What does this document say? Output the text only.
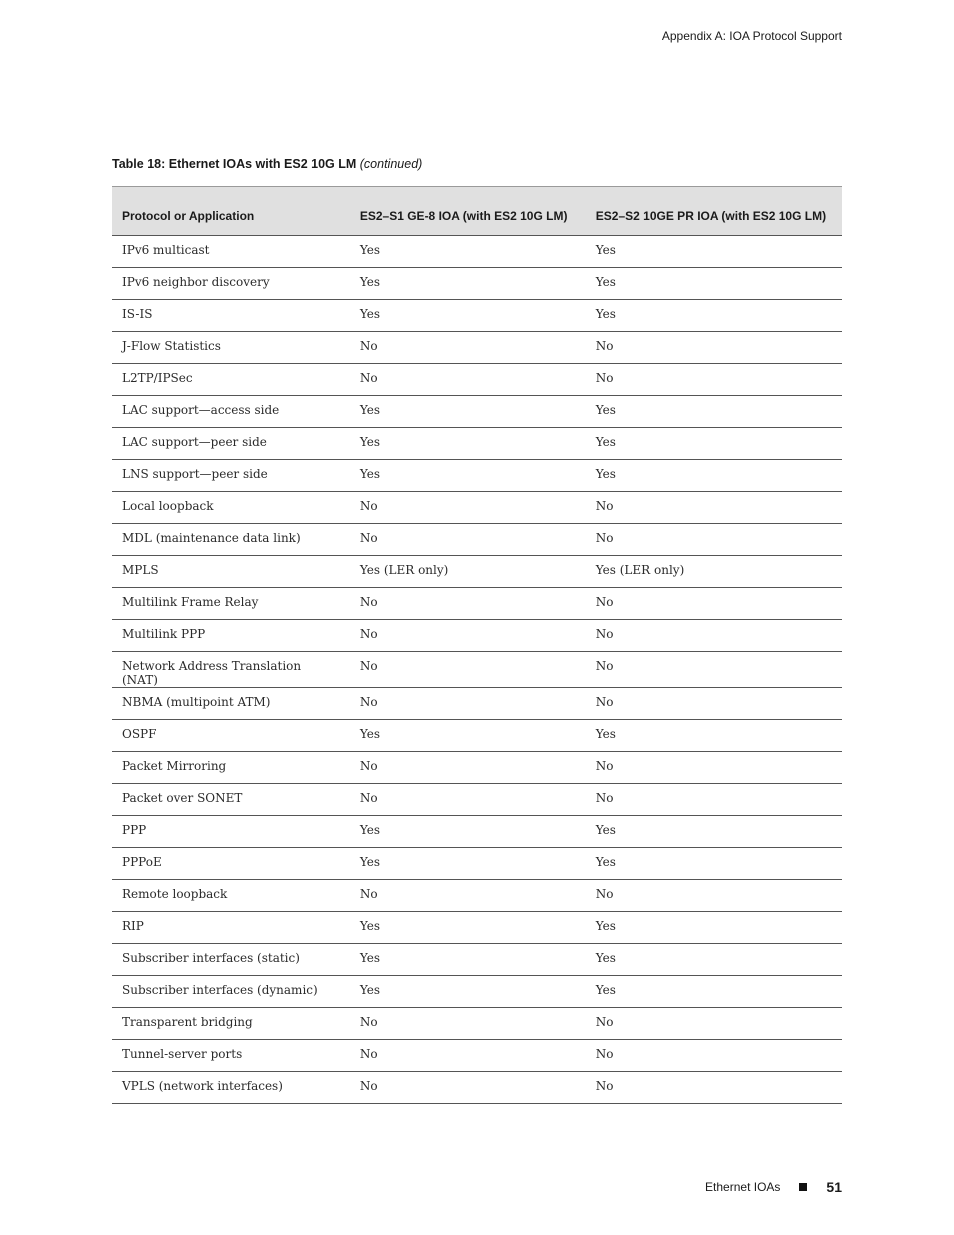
Appendix A: IOA Protocol Support
Table 18: Ethernet IOAs with ES2 10G LM (continued)
Protocol or Application	ES2–S1 GE-8 IOA (with ES2 10G LM)	ES2–S2 10GE PR IOA (with ES2 10G LM)
IPv6 multicast	Yes	Yes
IPv6 neighbor discovery	Yes	Yes
IS-IS	Yes	Yes
J-Flow Statistics	No	No
L2TP/IPSec	No	No
LAC support—access side	Yes	Yes
LAC support—peer side	Yes	Yes
LNS support—peer side	Yes	Yes
Local loopback	No	No
MDL (maintenance data link)	No	No
MPLS	Yes (LER only)	Yes (LER only)
Multilink Frame Relay	No	No
Multilink PPP	No	No
Network Address Translation (NAT)	No	No
NBMA (multipoint ATM)	No	No
OSPF	Yes	Yes
Packet Mirroring	No	No
Packet over SONET	No	No
PPP	Yes	Yes
PPPoE	Yes	Yes
Remote loopback	No	No
RIP	Yes	Yes
Subscriber interfaces (static)	Yes	Yes
Subscriber interfaces (dynamic)	Yes	Yes
Transparent bridging	No	No
Tunnel-server ports	No	No
VPLS (network interfaces)	No	No
Ethernet IOAs	51
